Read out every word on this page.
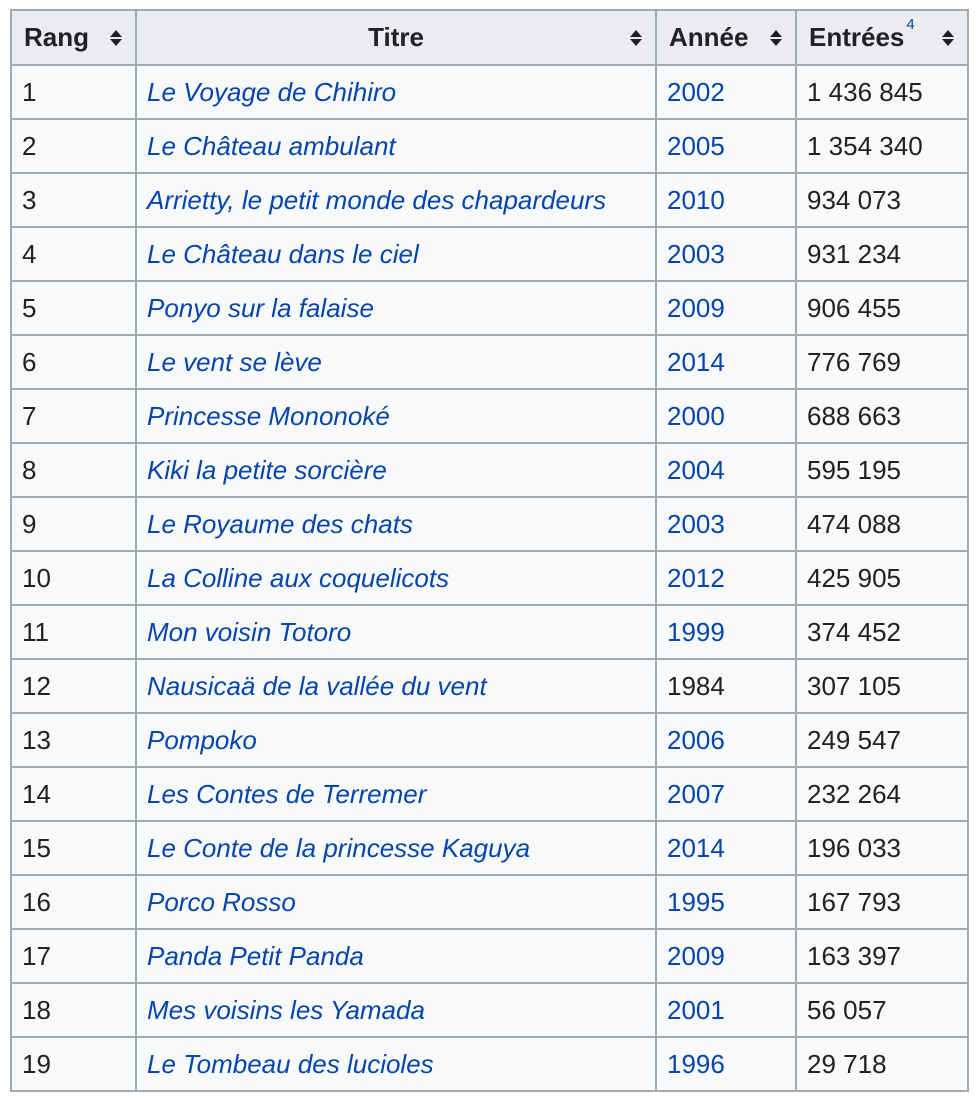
Rang	Titre	Année	Entrées$^4$

1	Le Voyage de Chihiro	2002	1 436 845
2	Le Château ambulant	2005	1 354 340
3	Arrietty, le petit monde des chapardeurs	2010	934 073
4	Le Château dans le ciel	2003	931 234
5	Ponyo sur la falaise	2009	906 455
6	Le vent se lève	2014	776 769
7	Princesse Mononoké	2000	688 663
8	Kiki la petite sorcière	2004	595 195
9	Le Royaume des chats	2003	474 088
10	La Colline aux coquelicots	2012	425 905
11	Mon voisin Totoro	1999	374 452
12	Nausicaä de la vallée du vent	1984	307 105
13	Pompoko	2006	249 547
14	Les Contes de Terremer	2007	232 264
15	Le Conte de la princesse Kaguya	2014	196 033
16	Porco Rosso	1995	167 793
17	Panda Petit Panda	2009	163 397
18	Mes voisins les Yamada	2001	56 057
19	Le Tombeau des lucioles	1996	29 718
